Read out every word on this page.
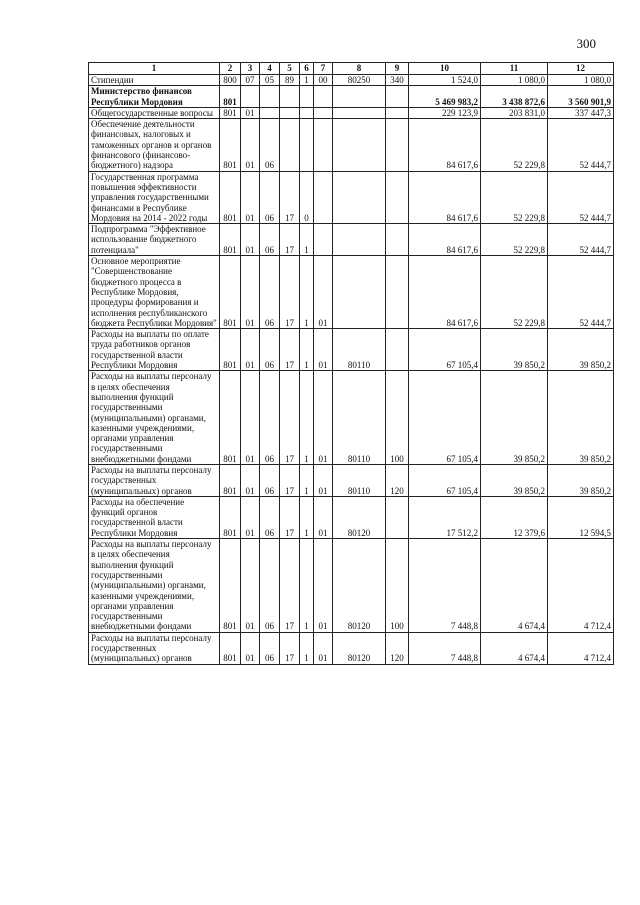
300
1	2	3	4	5	6	7	8	9	10	11	12
Стипендии	800	07	05	89	1	00	80250	340	1 524,0	1 080,0	1 080,0
Министерство финансов Республики Мордовия	801								5 469 983,2	3 438 872,6	3 560 901,9
Общегосударственные вопросы	801	01							229 123,9	203 831,0	337 447,3
Обеспечение деятельности финансовых, налоговых и таможенных органов и органов финансового (финансово-бюджетного) надзора	801	01	06						84 617,6	52 229,8	52 444,7
Государственная программа повышения эффективности управления государственными финансами в Республике Мордовия на 2014 - 2022 годы	801	01	06	17	0				84 617,6	52 229,8	52 444,7
Подпрограмма "Эффективное использование бюджетного потенциала"	801	01	06	17	1				84 617,6	52 229,8	52 444,7
Основное мероприятие "Совершенствование бюджетного процесса в Республике Мордовия, процедуры формирования и исполнения республиканского бюджета Республики Мордовия"	801	01	06	17	1	01			84 617,6	52 229,8	52 444,7
Расходы на выплаты по оплате труда работников органов государственной власти Республики Мордовия	801	01	06	17	1	01	80110		67 105,4	39 850,2	39 850,2
Расходы на выплаты персоналу в целях обеспечения выполнения функций государственными (муниципальными) органами, казенными учреждениями, органами управления государственными внебюджетными фондами	801	01	06	17	1	01	80110	100	67 105,4	39 850,2	39 850,2
Расходы на выплаты персоналу государственных (муниципальных) органов	801	01	06	17	1	01	80110	120	67 105,4	39 850,2	39 850,2
Расходы на обеспечение функций органов государственной власти Республики Мордовия	801	01	06	17	1	01	80120		17 512,2	12 379,6	12 594,5
Расходы на выплаты персоналу в целях обеспечения выполнения функций государственными (муниципальными) органами, казенными учреждениями, органами управления государственными внебюджетными фондами	801	01	06	17	1	01	80120	100	7 448,8	4 674,4	4 712,4
Расходы на выплаты персоналу государственных (муниципальных) органов	801	01	06	17	1	01	80120	120	7 448,8	4 674,4	4 712,4
